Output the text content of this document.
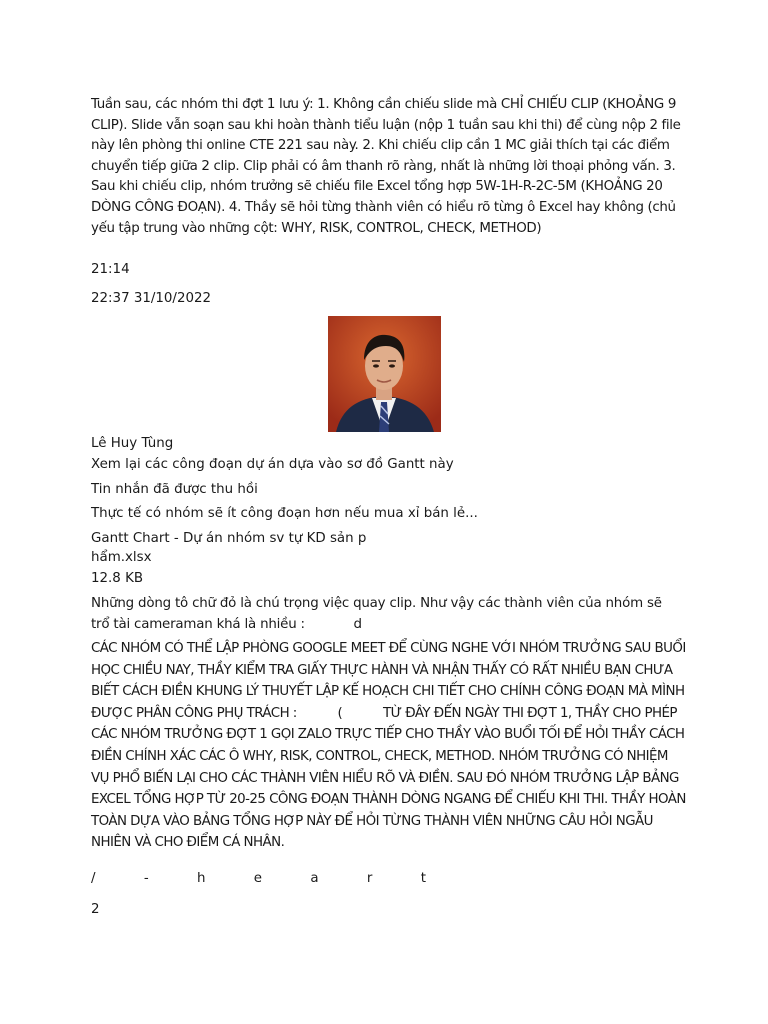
Tuần sau, các nhóm thi đợt 1 lưu ý: 1. Không cần chiếu slide mà CHỈ CHIẾU CLIP (KHOẢNG 9 CLIP). Slide vẫn soạn sau khi hoàn thành tiểu luận (nộp 1 tuần sau khi thi) để cùng nộp 2 file này lên phòng thi online CTE 221 sau này. 2. Khi chiếu clip cần 1 MC giải thích tại các điểm chuyển tiếp giữa 2 clip. Clip phải có âm thanh rõ ràng, nhất là những lời thoại phỏng vấn. 3. Sau khi chiếu clip, nhóm trưởng sẽ chiếu file Excel tổng hợp 5W-1H-R-2C-5M (KHOẢNG 20 DÒNG CÔNG ĐOẠN). 4. Thầy sẽ hỏi từng thành viên có hiểu rõ từng ô Excel hay không (chủ yếu tập trung vào những cột: WHY, RISK, CONTROL, CHECK, METHOD)

21:14

22:37 31/10/2022

Lê Huy Tùng

Xem lại các công đoạn dự án dựa vào sơ đồ Gantt này

Tin nhắn đã được thu hồi

Thực tế có nhóm sẽ ít công đoạn hơn nếu mua xỉ bán lẻ...

Gantt Chart - Dự án nhóm sv tự KD sản p

hẩm.xlsx

12.8 KB

Những dòng tô chữ đỏ là chú trọng việc quay clip. Như vậy các thành viên của nhóm sẽ trổ tài cameraman khá là nhiều :            d

CÁC NHÓM CÓ THỂ LẬP PHÒNG GOOGLE MEET ĐỂ CÙNG NGHE VỚI NHÓM TRƯỞNG SAU BUỔI HỌC CHIỀU NAY, THẦY KIỂM TRA GIẤY THỰC HÀNH VÀ NHẬN THẤY CÓ RẤT NHIỀU BẠN CHƯA BIẾT CÁCH ĐIỀN KHUNG LÝ THUYẾT LẬP KẾ HOẠCH CHI TIẾT CHO CHÍNH CÔNG ĐOẠN MÀ MÌNH ĐƯỢC PHÂN CÔNG PHỤ TRÁCH :           (           TỪ ĐÂY ĐẾN NGÀY THI ĐỢT 1, THẦY CHO PHÉP CÁC NHÓM TRƯỞNG ĐỢT 1 GỌI ZALO TRỰC TIẾP CHO THẦY VÀO BUỔI TỐI ĐỂ HỎI THẦY CÁCH ĐIỀN CHÍNH XÁC CÁC Ô WHY, RISK, CONTROL, CHECK, METHOD. NHÓM TRƯỞNG CÓ NHIỆM VỤ PHỔ BIẾN LẠI CHO CÁC THÀNH VIÊN HIỂU RÕ VÀ ĐIỀN. SAU ĐÓ NHÓM TRƯỞNG LẬP BẢNG EXCEL TỔNG HỢP TỪ 20-25 CÔNG ĐOẠN THÀNH DÒNG NGANG ĐỂ CHIẾU KHI THI. THẦY HOÀN TOÀN DỰA VÀO BẢNG TỔNG HỢP NÀY ĐỂ HỎI TỪNG THÀNH VIÊN NHỮNG CÂU HỎI NGẪU NHIÊN VÀ CHO ĐIỂM CÁ NHÂN.

/	-	h	e	a	r	t

2
